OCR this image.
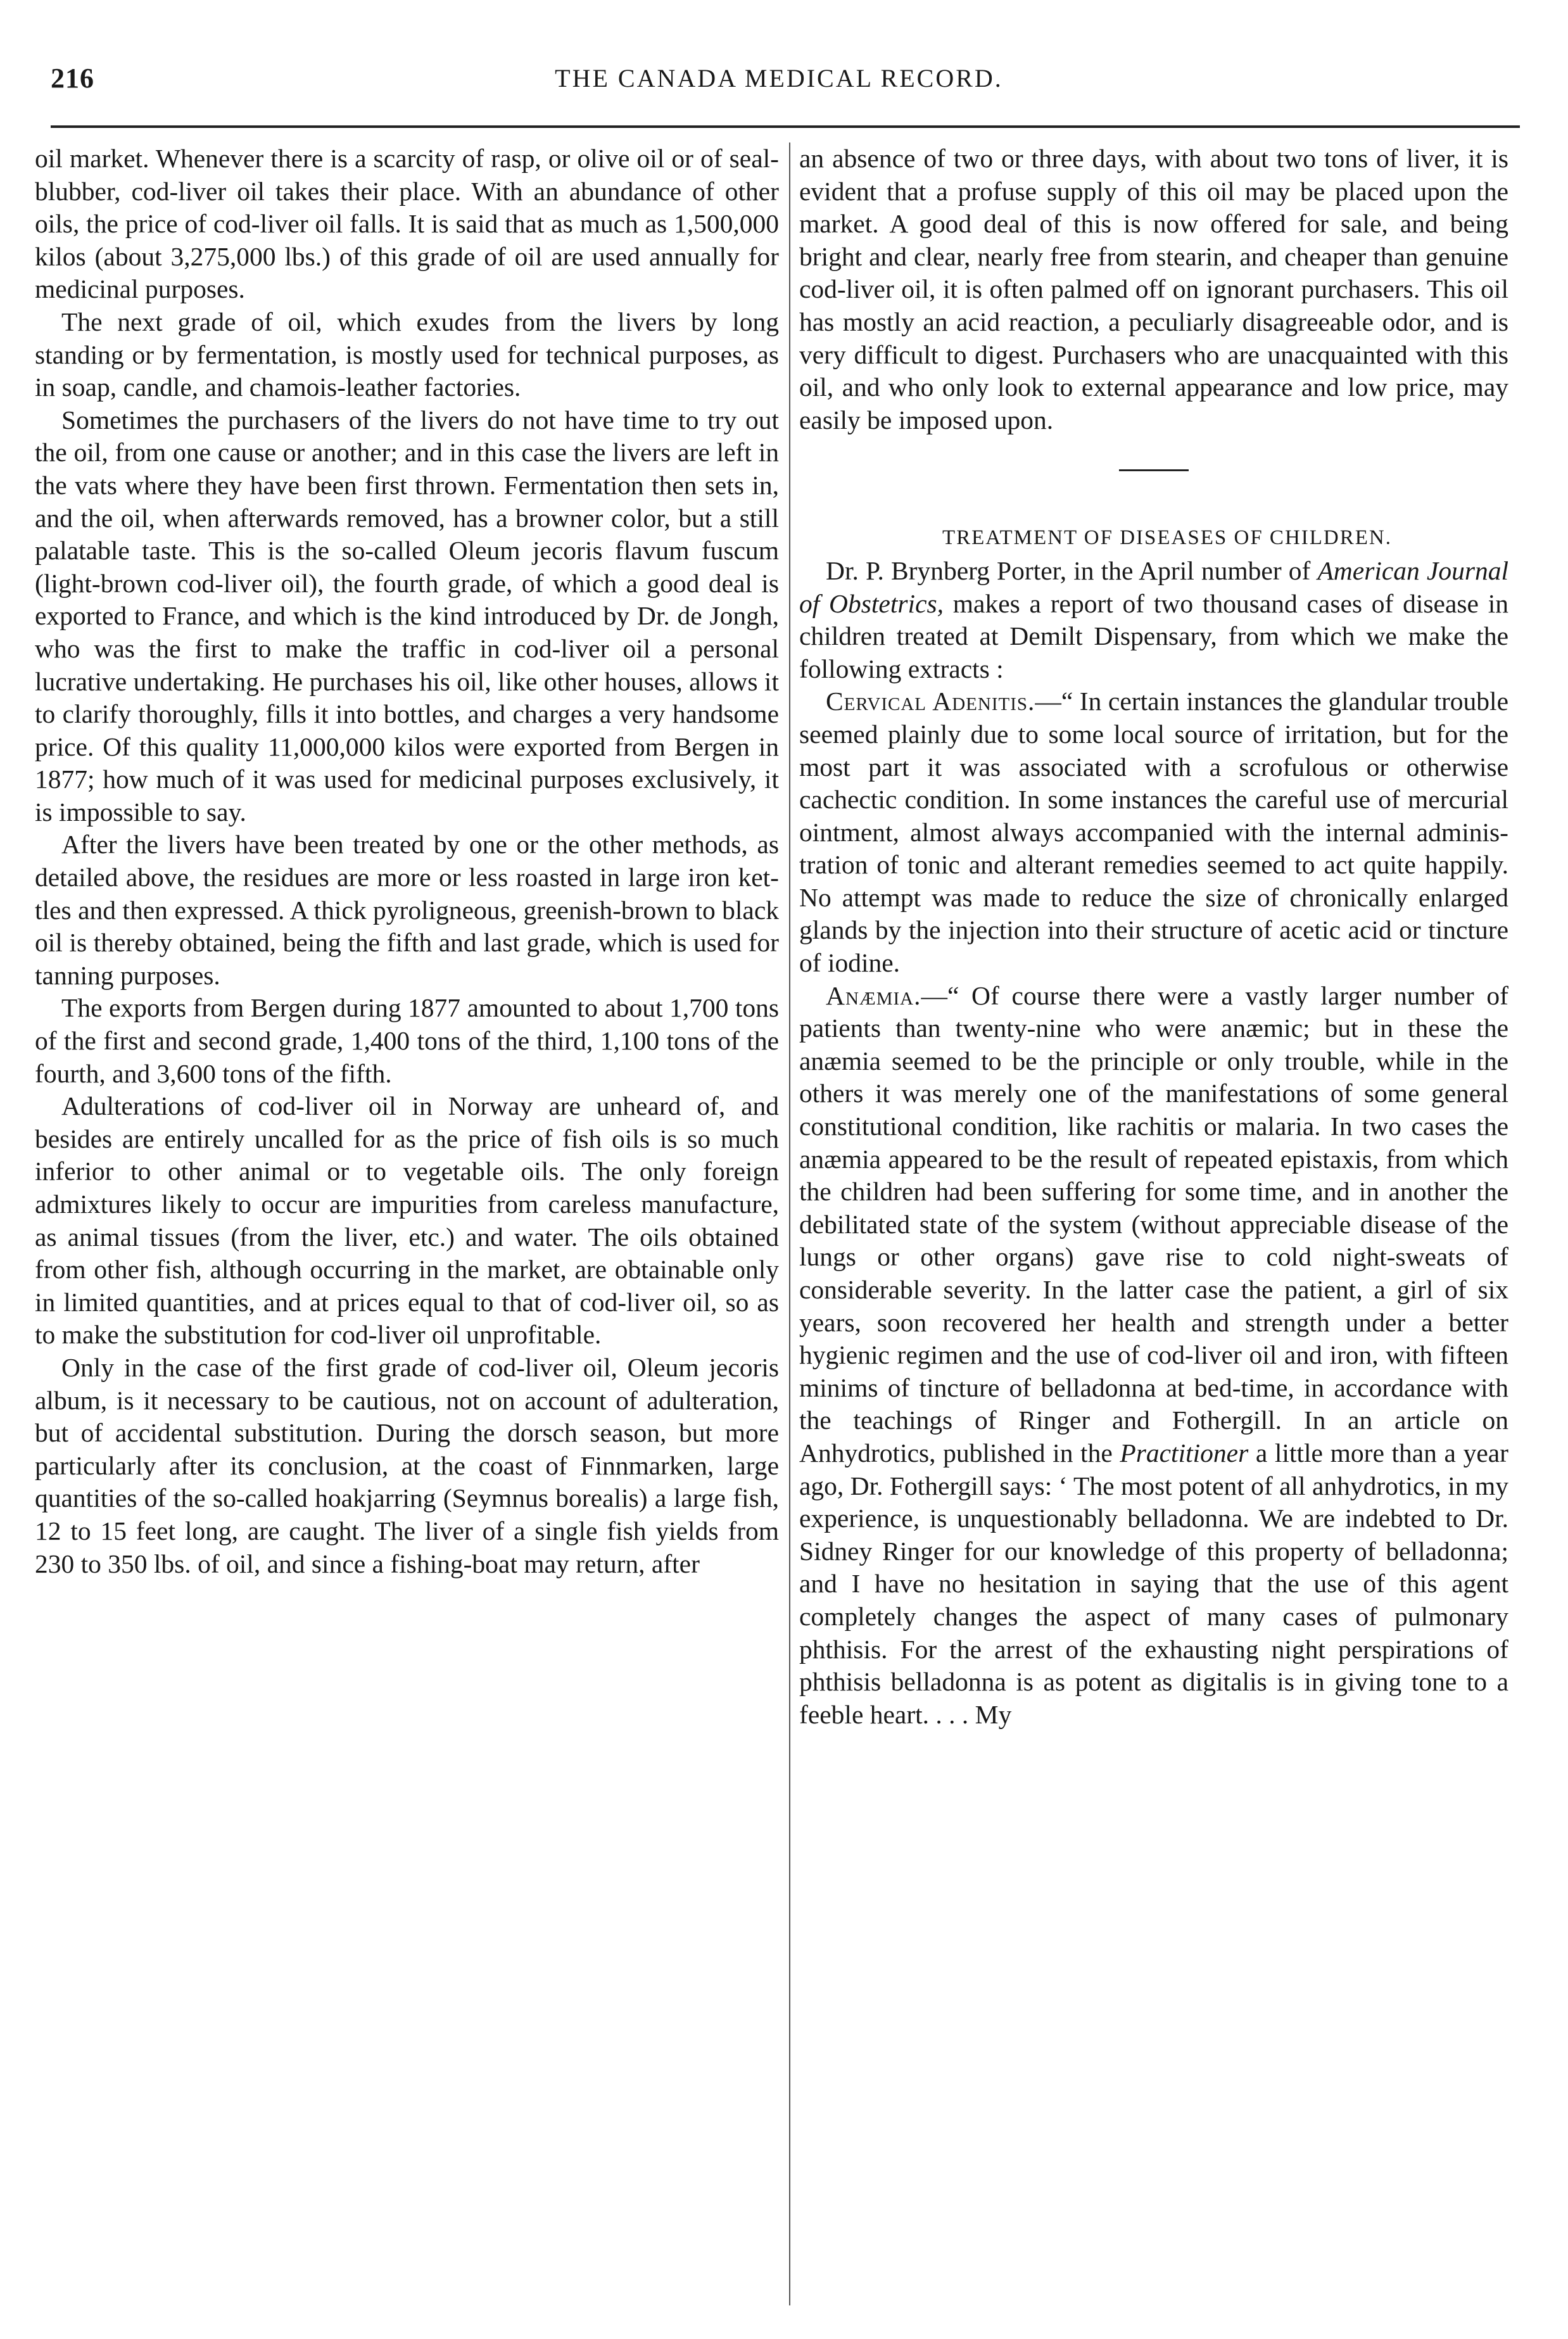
216	THE CANADA MEDICAL RECORD.

oil market. Whenever there is a scarcity of rasp, or olive oil or of seal-blubber, cod-liver oil takes their place. With an abundance of other oils, the price of cod-liver oil falls. It is said that as much as 1,500,000 kilos (about 3,275,000 lbs.) of this grade of oil are used annually for medicinal purposes.

The next grade of oil, which exudes from the livers by long standing or by fermentation, is mostly used for technical purposes, as in soap, candle, and chamois-leather factories.

Sometimes the purchasers of the livers do not have time to try out the oil, from one cause or another; and in this case the livers are left in the vats where they have been first thrown. Fermentation then sets in, and the oil, when afterwards removed, has a browner color, but a still palatable taste. This is the so-called Oleum jecoris flavum fuscum (light-brown cod-liver oil), the fourth grade, of which a good deal is exported to France, and which is the kind introduced by Dr. de Jongh, who was the first to make the traffic in cod-liver oil a personal lucrative undertaking. He purchases his oil, like other houses, allows it to clarify thoroughly, fills it into bottles, and charges a very handsome price. Of this quality 11,000,000 kilos were exported from Bergen in 1877; how much of it was used for medicinal purposes exclusively, it is impossible to say.

After the livers have been treated by one or the other methods, as detailed above, the residues are more or less roasted in large iron kettles and then expressed. A thick pyroligneous, greenish-brown to black oil is thereby obtained, being the fifth and last grade, which is used for tanning purposes.

The exports from Bergen during 1877 amounted to about 1,700 tons of the first and second grade, 1,400 tons of the third, 1,100 tons of the fourth, and 3,600 tons of the fifth.

Adulterations of cod-liver oil in Norway are unheard of, and besides are entirely uncalled for as the price of fish oils is so much inferior to other animal or to vegetable oils. The only foreign admixtures likely to occur are impurities from careless manufacture, as animal tissues (from the liver, etc.) and water. The oils obtained from other fish, although occurring in the market, are obtainable only in limited quantities, and at prices equal to that of cod-liver oil, so as to make the substitution for cod-liver oil unprofitable.

Only in the case of the first grade of cod-liver oil, Oleum jecoris album, is it necessary to be cautious, not on account of adulteration, but of accidental substitution. During the dorsch season, but more particularly after its conclusion, at the coast of Finnmarken, large quantities of the so-called hoakjarring (Seymnus borealis) a large fish, 12 to 15 feet long, are caught. The liver of a single fish yields from 230 to 350 lbs. of oil, and since a fishing-boat may return, after

an absence of two or three days, with about two tons of liver, it is evident that a profuse supply of this oil may be placed upon the market. A good deal of this is now offered for sale, and being bright and clear, nearly free from stearin, and cheaper than genuine cod-liver oil, it is often palmed off on ignorant purchasers. This oil has mostly an acid reaction, a peculiarly disagreeable odor, and is very difficult to digest. Purchasers who are unacquainted with this oil, and who only look to external appearance and low price, may easily be imposed upon.

TREATMENT OF DISEASES OF CHILDREN.

Dr. P. Brynberg Porter, in the April number of American Journal of Obstetrics, makes a report of two thousand cases of disease in children treated at Demilt Dispensary, from which we make the following extracts :

Cervical Adenitis.—“ In certain instances the glandular trouble seemed plainly due to some local source of irritation, but for the most part it was associated with a scrofulous or otherwise cachectic condition. In some instances the careful use of mercurial ointment, almost always accompanied with the internal administration of tonic and alterant remedies seemed to act quite happily. No attempt was made to reduce the size of chronically enlarged glands by the injection into their structure of acetic acid or tincture of iodine.

Anæmia.—“ Of course there were a vastly larger number of patients than twenty-nine who were anæmic; but in these the anæmia seemed to be the principle or only trouble, while in the others it was merely one of the manifestations of some general constitutional condition, like rachitis or malaria. In two cases the anæmia appeared to be the result of repeated epistaxis, from which the children had been suffering for some time, and in another the debilitated state of the system (without appreciable disease of the lungs or other organs) gave rise to cold night-sweats of considerable severity. In the latter case the patient, a girl of six years, soon recovered her health and strength under a better hygienic regimen and the use of cod-liver oil and iron, with fifteen minims of tincture of belladonna at bed-time, in accordance with the teachings of Ringer and Fothergill. In an article on Anhydrotics, published in the Practitioner a little more than a year ago, Dr. Fothergill says: ‘ The most potent of all anhydrotics, in my experience, is unquestionably belladonna. We are indebted to Dr. Sidney Ringer for our knowledge of this property of belladonna; and I have no hesitation in saying that the use of this agent completely changes the aspect of many cases of pulmonary phthisis. For the arrest of the exhausting night perspirations of phthisis belladonna is as potent as digitalis is in giving tone to a feeble heart. . . . My
